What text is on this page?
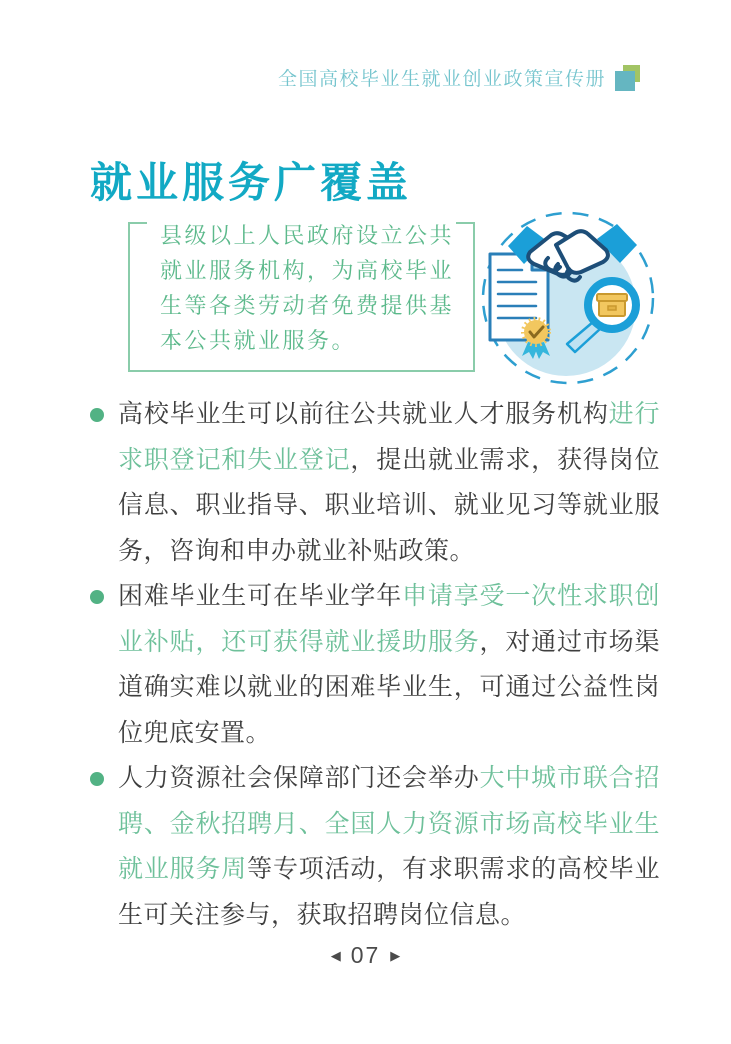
全国高校毕业生就业创业政策宣传册
就业服务广覆盖
县级以上人民政府设立公共就业服务机构，为高校毕业生等各类劳动者免费提供基本公共就业服务。

高校毕业生可以前往公共就业人才服务机构进行求职登记和失业登记，提出就业需求，获得岗位信息、职业指导、职业培训、就业见习等就业服务，咨询和申办就业补贴政策。

困难毕业生可在毕业学年申请享受一次性求职创业补贴，还可获得就业援助服务，对通过市场渠道确实难以就业的困难毕业生，可通过公益性岗位兜底安置。

人力资源社会保障部门还会举办大中城市联合招聘、金秋招聘月、全国人力资源市场高校毕业生就业服务周等专项活动，有求职需求的高校毕业生可关注参与，获取招聘岗位信息。

◀ 07 ▶
